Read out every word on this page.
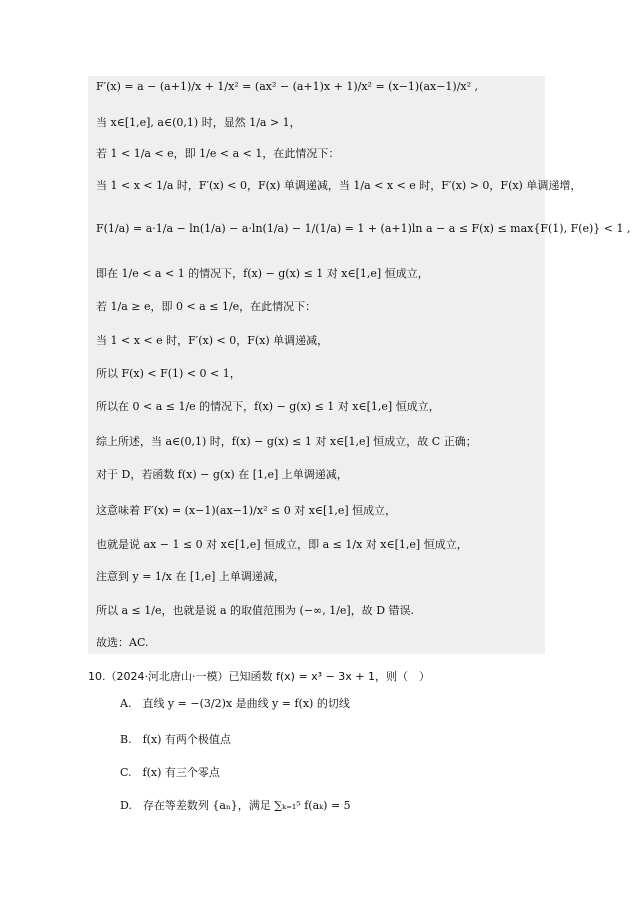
F′(x) = a − (a+1)/x + 1/x² = (ax² − (a+1)x + 1)/x² = (x−1)(ax−1)/x² ,
当 x∈[1,e], a∈(0,1) 时，显然 1/a > 1，
若 1 < 1/a < e，即 1/e < a < 1，在此情况下：
当 1 < x < 1/a 时，F′(x) < 0，F(x) 单调递减，当 1/a < x < e 时，F′(x) > 0，F(x) 单调递增，
F(1/a) = a·1/a − ln(1/a) − a·ln(1/a) − 1/(1/a) = 1 + (a+1)ln a − a ≤ F(x) ≤ max{F(1), F(e)} < 1 ,
即在 1/e < a < 1 的情况下，f(x) − g(x) ≤ 1 对 x∈[1,e] 恒成立，
若 1/a ≥ e，即 0 < a ≤ 1/e，在此情况下：
当 1 < x < e 时，F′(x) < 0，F(x) 单调递减，
所以 F(x) < F(1) < 0 < 1，
所以在 0 < a ≤ 1/e 的情况下，f(x) − g(x) ≤ 1 对 x∈[1,e] 恒成立，
综上所述，当 a∈(0,1) 时，f(x) − g(x) ≤ 1 对 x∈[1,e] 恒成立，故 C 正确；
对于 D，若函数 f(x) − g(x) 在 [1,e] 上单调递减，
这意味着 F′(x) = (x−1)(ax−1)/x² ≤ 0 对 x∈[1,e] 恒成立，
也就是说 ax − 1 ≤ 0 对 x∈[1,e] 恒成立，即 a ≤ 1/x 对 x∈[1,e] 恒成立，
注意到 y = 1/x 在 [1,e] 上单调递减，
所以 a ≤ 1/e，也就是说 a 的取值范围为 (−∞, 1/e]，故 D 错误.
故选：AC.
10.（2024·河北唐山·一模）已知函数 f(x) = x³ − 3x + 1，则（　）
A.　直线 y = −(3/2)x 是曲线 y = f(x) 的切线
B.　f(x) 有两个极值点
C.　f(x) 有三个零点
D.　存在等差数列 {aₙ}，满足 ∑ₖ₌₁⁵ f(aₖ) = 5
